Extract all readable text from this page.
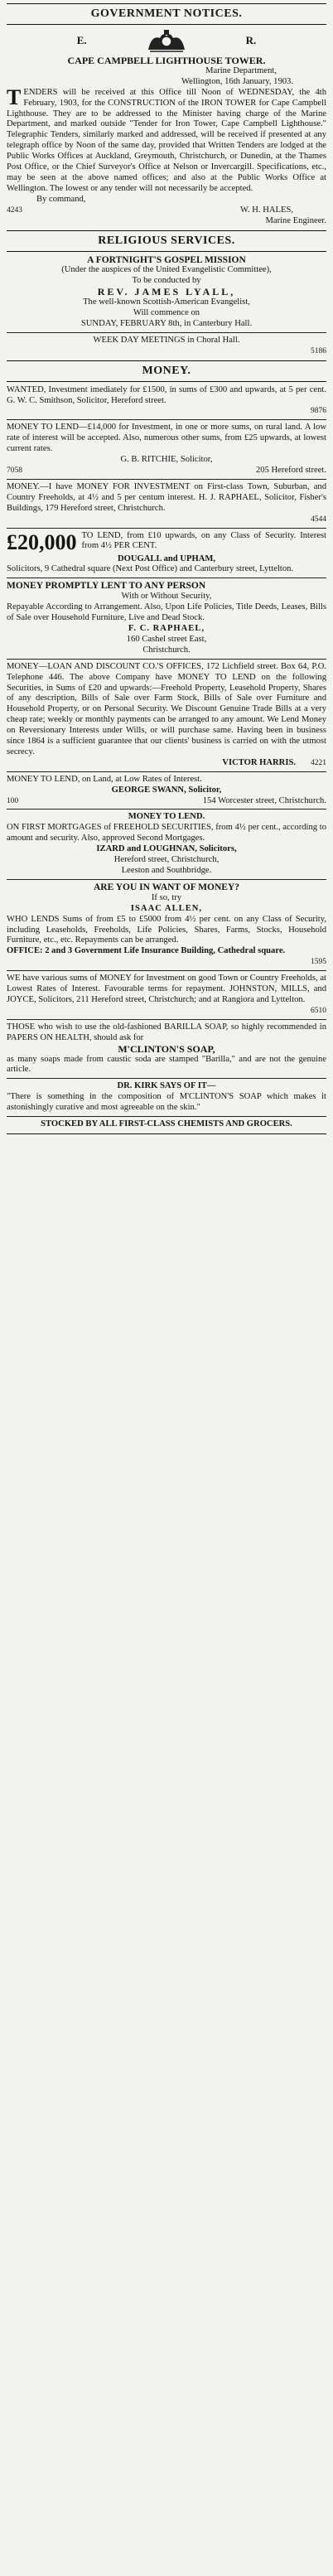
GOVERNMENT NOTICES.
E.	R.
CAPE CAMPBELL LIGHTHOUSE TOWER.
Marine Department,
Wellington, 16th January, 1903.
TENDERS will be received at this Office till Noon of WEDNESDAY, the 4th February, 1903, for the CONSTRUCTION of the IRON TOWER for Cape Campbell Lighthouse. They are to be addressed to the Minister having charge of the Marine Department, and marked outside "Tender for Iron Tower, Cape Campbell Lighthouse." Telegraphic Tenders, similarly marked and addressed, will be received if presented at any telegraph office by Noon of the same day, provided that Written Tenders are lodged at the Public Works Offices at Auckland, Greymouth, Christchurch, or Dunedin, at the Thames Post Office, or the Chief Surveyor's Office at Nelson or Invercargill. Specifications, etc., may be seen at the above named offices; and also at the Public Works Office at Wellington. The lowest or any tender will not necessarily be accepted.
By command,
4243	W. H. HALES,
Marine Engineer.
RELIGIOUS SERVICES.
A FORTNIGHT'S GOSPEL MISSION
(Under the auspices of the United Evangelistic Committee),
To be conducted by
REV. JAMES LYALL,
The well-known Scottish-American Evangelist,
Will commence on
SUNDAY, FEBRUARY 8th, in Canterbury Hall.
WEEK DAY MEETINGS in Choral Hall.
5186
MONEY.
WANTED, Investment imediately for £1500, in sums of £300 and upwards, at 5 per cent. G. W. C. Smithson, Solicitor, Hereford street.
9876
MONEY TO LEND—£14,000 for Investment, in one or more sums, on rural land. A low rate of interest will be accepted. Also, numerous other sums, from £25 upwards, at lowest current rates.
G. B. RITCHIE, Solicitor,
7058	205 Hereford street.
MONEY.—I have MONEY FOR INVESTMENT on First-class Town, Suburban, and Country Freeholds, at 4½ and 5 per centum interest. H. J. RAPHAEL, Solicitor, Fisher's Buildings, 179 Hereford street, Christchurch.
4544
£20,000 TO LEND, from £10 upwards, on any Class of Security. Interest from 4½ PER CENT.
DOUGALL and UPHAM,
Solicitors, 9 Cathedral square (Next Post Office) and Canterbury street, Lyttelton.
MONEY PROMPTLY LENT TO ANY PERSON
With or Without Security,
Repayable According to Arrangement. Also, Upon Life Policies, Title Deeds, Leases, Bills of Sale over Household Furniture, Live and Dead Stock.
F. C. RAPHAEL,
160 Cashel street East,
Christchurch.
MONEY—LOAN AND DISCOUNT CO.'S OFFICES, 172 Lichfield street. Box 64, P.O. Telephone 446. The above Company have MONEY TO LEND on the following Securities, in Sums of £20 and upwards:—Freehold Property, Leasehold Property, Shares of any description, Bills of Sale over Farm Stock, Bills of Sale over Furniture and Household Property, or on Personal Security. We Discount Genuine Trade Bills at a very cheap rate; weekly or monthly payments can be arranged to any amount. We Lend Money on Reversionary Interests under Wills, or will purchase same. Having been in business since 1864 is a sufficient guarantee that our clients' business is carried on with the utmost secrecy.
VICTOR HARRIS. 4221
MONEY TO LEND, on Land, at Low Rates of Interest.
GEORGE SWANN, Solicitor,
100	154 Worcester street, Christchurch.
MONEY TO LEND.
ON FIRST MORTGAGES of FREEHOLD SECURITIES, from 4½ per cent., according to amount and security. Also, approved Second Mortgages.
IZARD and LOUGHNAN, Solicitors,
Hereford street, Christchurch,
Leeston and Southbridge.
ARE YOU IN WANT OF MONEY?
If so, try
ISAAC ALLEN,
WHO LENDS Sums of from £5 to £5000 from 4½ per cent. on any Class of Security, including Leaseholds, Freeholds, Life Policies, Shares, Farms, Stocks, Household Furniture, etc., etc. Repayments can be arranged.
OFFICE: 2 and 3 Government Life Insurance Building, Cathedral square.
1595
WE have various sums of MONEY for Investment on good Town or Country Freeholds, at Lowest Rates of Interest. Favourable terms for repayment. JOHNSTON, MILLS, and JOYCE, Solicitors, 211 Hereford street, Christchurch; and at Rangiora and Lyttelton.
6510
THOSE who wish to use the old-fashioned BARILLA SOAP, so highly recommended in PAPERS ON HEALTH, should ask for
M'CLINTON'S SOAP,
as many soaps made from caustic soda are stamped "Barilla," and are not the genuine article.
DR. KIRK SAYS OF IT—
"There is something in the composition of M'CLINTON'S SOAP which makes it astonishingly curative and most agreeable on the skin."
STOCKED BY ALL FIRST-CLASS CHEMISTS AND GROCERS.
